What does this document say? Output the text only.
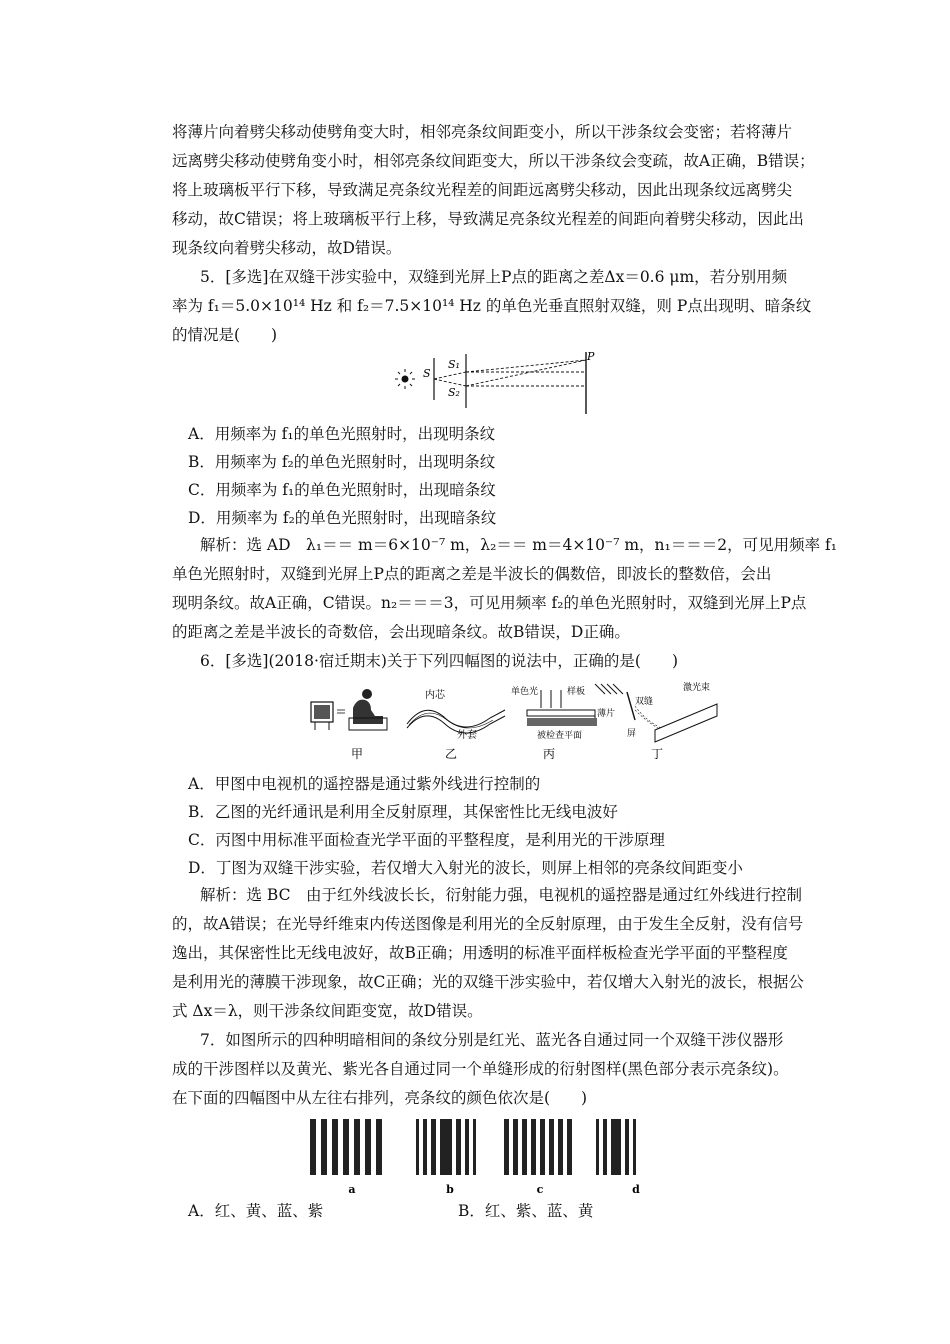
将薄片向着劈尖移动使劈角变大时，相邻亮条纹间距变小，所以干涉条纹会变密；若将薄片
远离劈尖移动使劈角变小时，相邻亮条纹间距变大，所以干涉条纹会变疏，故A正确，B错误；
将上玻璃板平行下移，导致满足亮条纹光程差的间距远离劈尖移动，因此出现条纹远离劈尖
移动，故C错误；将上玻璃板平行上移，导致满足亮条纹光程差的间距向着劈尖移动，因此出
现条纹向着劈尖移动，故D错误。
5．[多选]在双缝干涉实验中，双缝到光屏上P点的距离之差Δx＝0.6 μm，若分别用频
率为 f₁＝5.0×10¹⁴ Hz 和 f₂＝7.5×10¹⁴ Hz 的单色光垂直照射双缝，则 P点出现明、暗条纹
的情况是(　　)
S
S₁
S₂
P
A．用频率为 f₁的单色光照射时，出现明条纹
B．用频率为 f₂的单色光照射时，出现明条纹
C．用频率为 f₁的单色光照射时，出现暗条纹
D．用频率为 f₂的单色光照射时，出现暗条纹
解析：选 AD　λ₁＝＝ m＝6×10⁻⁷ m，λ₂＝＝ m＝4×10⁻⁷ m，n₁＝＝＝2，可见用频率 f₁
单色光照射时，双缝到光屏上P点的距离之差是半波长的偶数倍，即波长的整数倍，会出
现明条纹。故A正确，C错误。n₂＝＝＝3，可见用频率 f₂的单色光照射时，双缝到光屏上P点
的距离之差是半波长的奇数倍，会出现暗条纹。故B错误，D正确。
6．[多选](2018·宿迁期末)关于下列四幅图的说法中，正确的是(　　)
内芯
外套
单色光	样板
薄片
被检查平面
激光束
双缝
屏
甲	乙	丙	丁
A．甲图中电视机的遥控器是通过紫外线进行控制的
B．乙图的光纤通讯是利用全反射原理，其保密性比无线电波好
C．丙图中用标准平面检查光学平面的平整程度，是利用光的干涉原理
D．丁图为双缝干涉实验，若仅增大入射光的波长，则屏上相邻的亮条纹间距变小
解析：选 BC　由于红外线波长长，衍射能力强，电视机的遥控器是通过红外线进行控制
的，故A错误；在光导纤维束内传送图像是利用光的全反射原理，由于发生全反射，没有信号
逸出，其保密性比无线电波好，故B正确；用透明的标准平面样板检查光学平面的平整程度
是利用光的薄膜干涉现象，故C正确；光的双缝干涉实验中，若仅增大入射光的波长，根据公
式 Δx＝λ，则干涉条纹间距变宽，故D错误。
7．如图所示的四种明暗相间的条纹分别是红光、蓝光各自通过同一个双缝干涉仪器形
成的干涉图样以及黄光、紫光各自通过同一个单缝形成的衍射图样(黑色部分表示亮条纹)。
在下面的四幅图中从左往右排列，亮条纹的颜色依次是(　　)
a	b	c	d
A．红、黄、蓝、紫	B．红、紫、蓝、黄
